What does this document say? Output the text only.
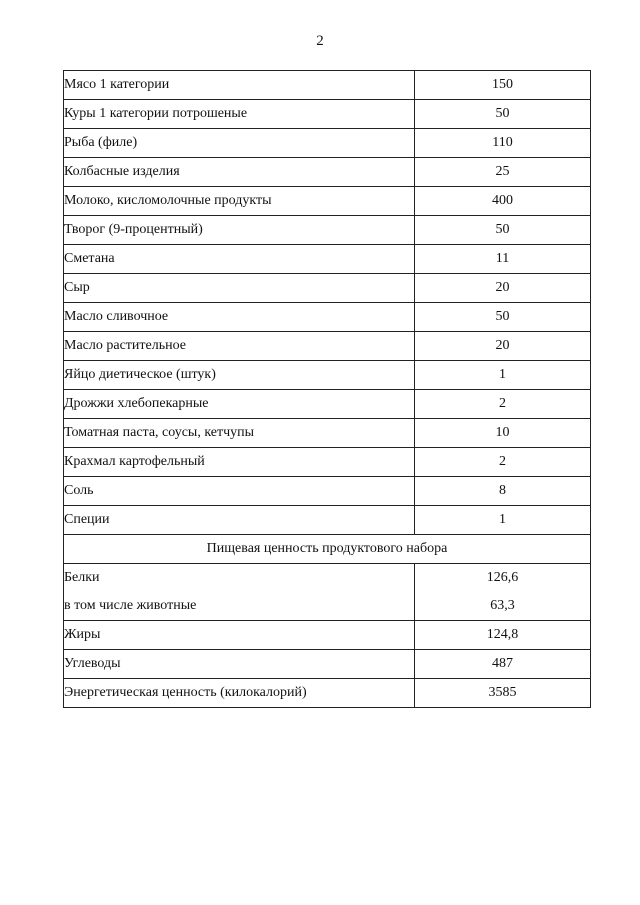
2
Мясо 1 категории	150
Куры 1 категории потрошеные	50
Рыба (филе)	110
Колбасные изделия	25
Молоко, кисломолочные продукты	400
Творог (9-процентный)	50
Сметана	11
Сыр	20
Масло сливочное	50
Масло растительное	20
Яйцо диетическое (штук)	1
Дрожжи хлебопекарные	2
Томатная паста, соусы, кетчупы	10
Крахмал картофельный	2
Соль	8
Специи	1
Пищевая ценность продуктового набора	
Белки	126,6
в том числе животные	63,3
Жиры	124,8
Углеводы	487
Энергетическая ценность (килокалорий)	3585
